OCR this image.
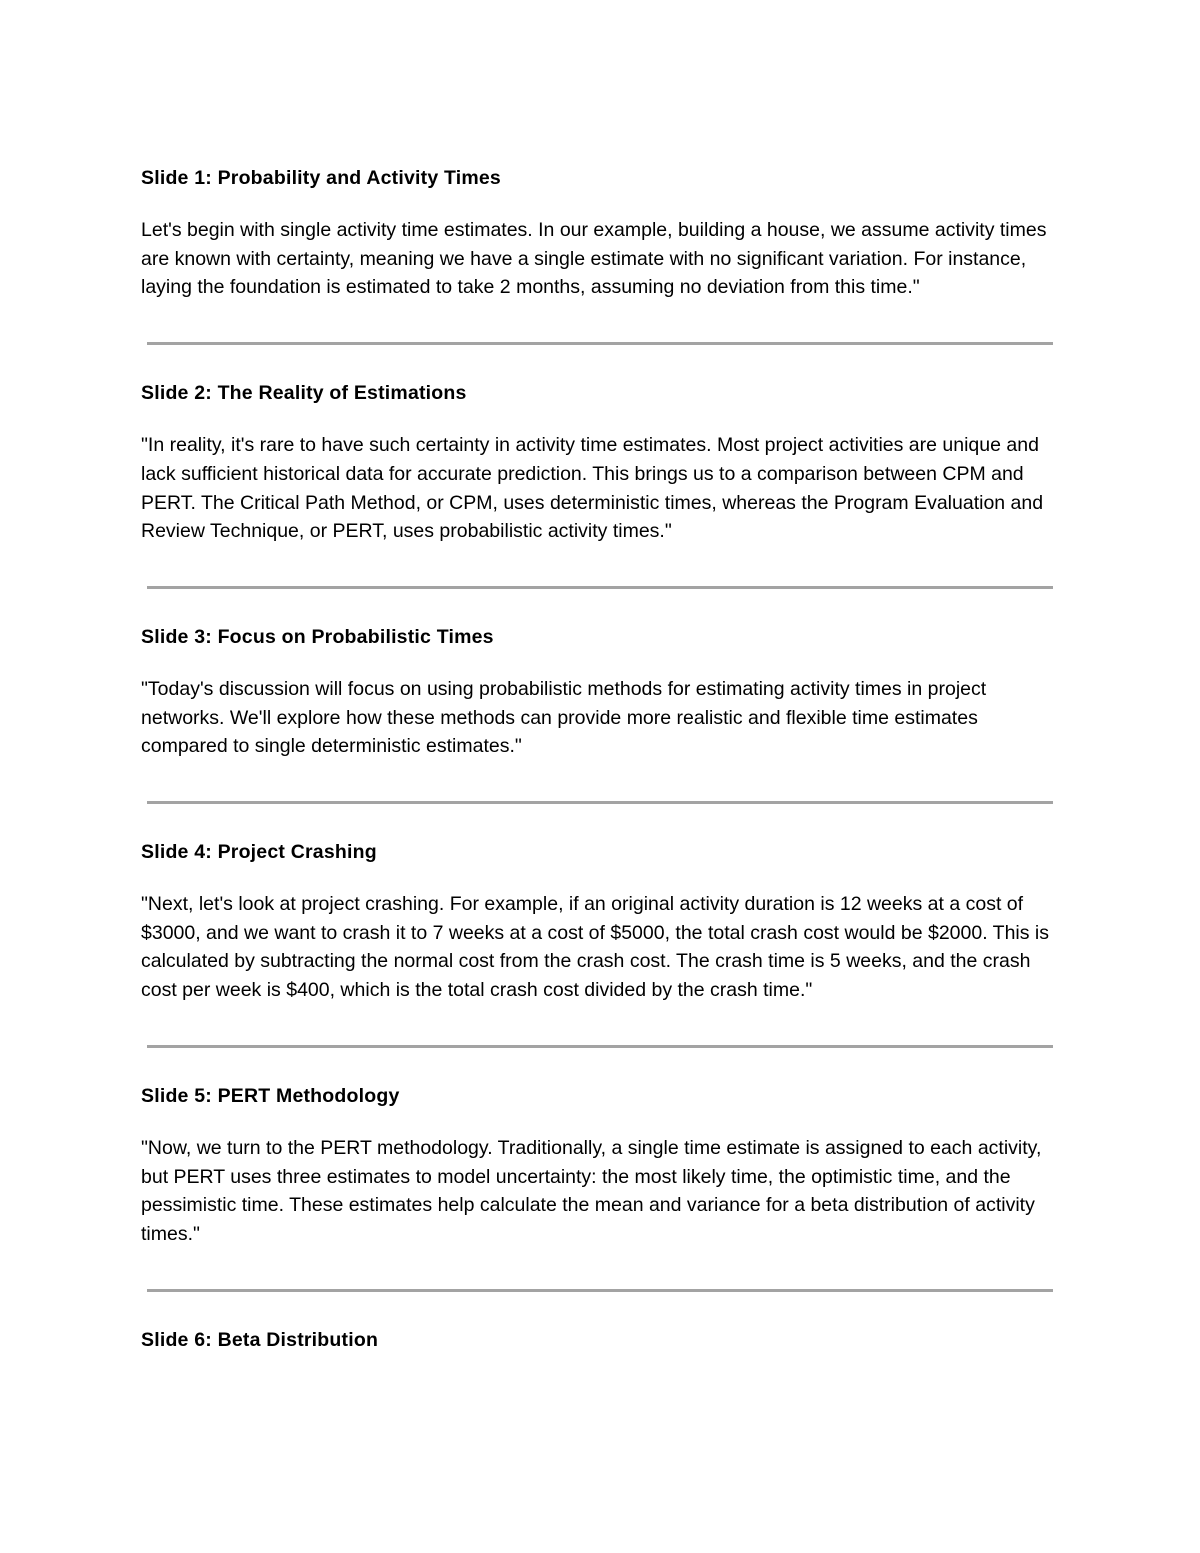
Slide 1: Probability and Activity Times
Let's begin with single activity time estimates. In our example, building a house, we assume activity times are known with certainty, meaning we have a single estimate with no significant variation. For instance, laying the foundation is estimated to take 2 months, assuming no deviation from this time."
Slide 2: The Reality of Estimations
"In reality, it's rare to have such certainty in activity time estimates. Most project activities are unique and lack sufficient historical data for accurate prediction. This brings us to a comparison between CPM and PERT. The Critical Path Method, or CPM, uses deterministic times, whereas the Program Evaluation and Review Technique, or PERT, uses probabilistic activity times."
Slide 3: Focus on Probabilistic Times
"Today's discussion will focus on using probabilistic methods for estimating activity times in project networks. We'll explore how these methods can provide more realistic and flexible time estimates compared to single deterministic estimates."
Slide 4: Project Crashing
"Next, let's look at project crashing. For example, if an original activity duration is 12 weeks at a cost of $3000, and we want to crash it to 7 weeks at a cost of $5000, the total crash cost would be $2000. This is calculated by subtracting the normal cost from the crash cost. The crash time is 5 weeks, and the crash cost per week is $400, which is the total crash cost divided by the crash time."
Slide 5: PERT Methodology
"Now, we turn to the PERT methodology. Traditionally, a single time estimate is assigned to each activity, but PERT uses three estimates to model uncertainty: the most likely time, the optimistic time, and the pessimistic time. These estimates help calculate the mean and variance for a beta distribution of activity times."
Slide 6: Beta Distribution
